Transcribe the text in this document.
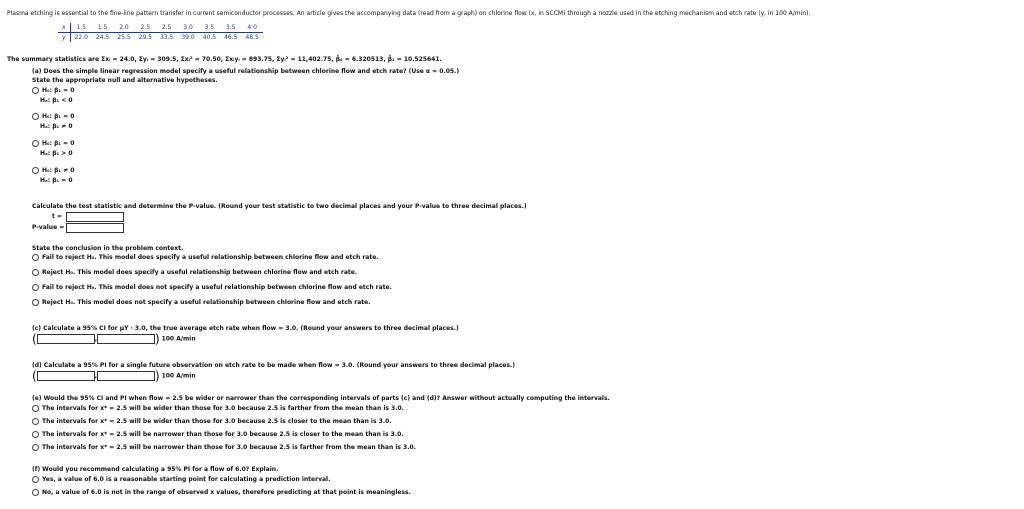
Plasma etching is essential to the fine-line pattern transfer in current semiconductor processes. An article gives the accompanying data (read from a graph) on chlorine flow (x, in SCCM) through a nozzle used in the etching mechanism and etch rate (y, in 100 A/min).
x	1.5	1.5	2.0	2.5	2.5	3.0	3.5	3.5	4.0
y	22.0	24.5	25.5	29.5	33.5	39.0	40.5	46.5	48.5
The summary statistics are Σxᵢ = 24.0, Σyᵢ = 309.5, Σxᵢ² = 70.50, Σxᵢyᵢ = 893.75, Σyᵢ² = 11,402.75, β̂₀ = 6.320513, β̂₁ = 10.525641.
(a) Does the simple linear regression model specify a useful relationship between chlorine flow and etch rate? (Use α = 0.05.)
State the appropriate null and alternative hypotheses.
H₀: β₁ = 0
Hₐ: β₁ < 0
H₀: β₁ = 0
Hₐ: β₁ ≠ 0
H₀: β₁ = 0
Hₐ: β₁ > 0
H₀: β₁ ≠ 0
Hₐ: β₁ = 0
Calculate the test statistic and determine the P-value. (Round your test statistic to two decimal places and your P-value to three decimal places.)
t =
P-value =
State the conclusion in the problem context.
Fail to reject H₀. This model does specify a useful relationship between chlorine flow and etch rate.
Reject H₀. This model does specify a useful relationship between chlorine flow and etch rate.
Fail to reject H₀. This model does not specify a useful relationship between chlorine flow and etch rate.
Reject H₀. This model does not specify a useful relationship between chlorine flow and etch rate.
(c) Calculate a 95% CI for μY · 3.0, the true average etch rate when flow = 3.0. (Round your answers to three decimal places.)
(	,	) 100 A/min
(d) Calculate a 95% PI for a single future observation on etch rate to be made when flow = 3.0. (Round your answers to three decimal places.)
(	,	) 100 A/min
(e) Would the 95% CI and PI when flow = 2.5 be wider or narrower than the corresponding intervals of parts (c) and (d)? Answer without actually computing the intervals.
The intervals for x* = 2.5 will be wider than those for 3.0 because 2.5 is farther from the mean than is 3.0.
The intervals for x* = 2.5 will be wider than those for 3.0 because 2.5 is closer to the mean than is 3.0.
The intervals for x* = 2.5 will be narrower than those for 3.0 because 2.5 is closer to the mean than is 3.0.
The intervals for x* = 2.5 will be narrower than those for 3.0 because 2.5 is farther from the mean than is 3.0.
(f) Would you recommend calculating a 95% PI for a flow of 6.0? Explain.
Yes, a value of 6.0 is a reasonable starting point for calculating a prediction interval.
No, a value of 6.0 is not in the range of observed x values, therefore predicting at that point is meaningless.
